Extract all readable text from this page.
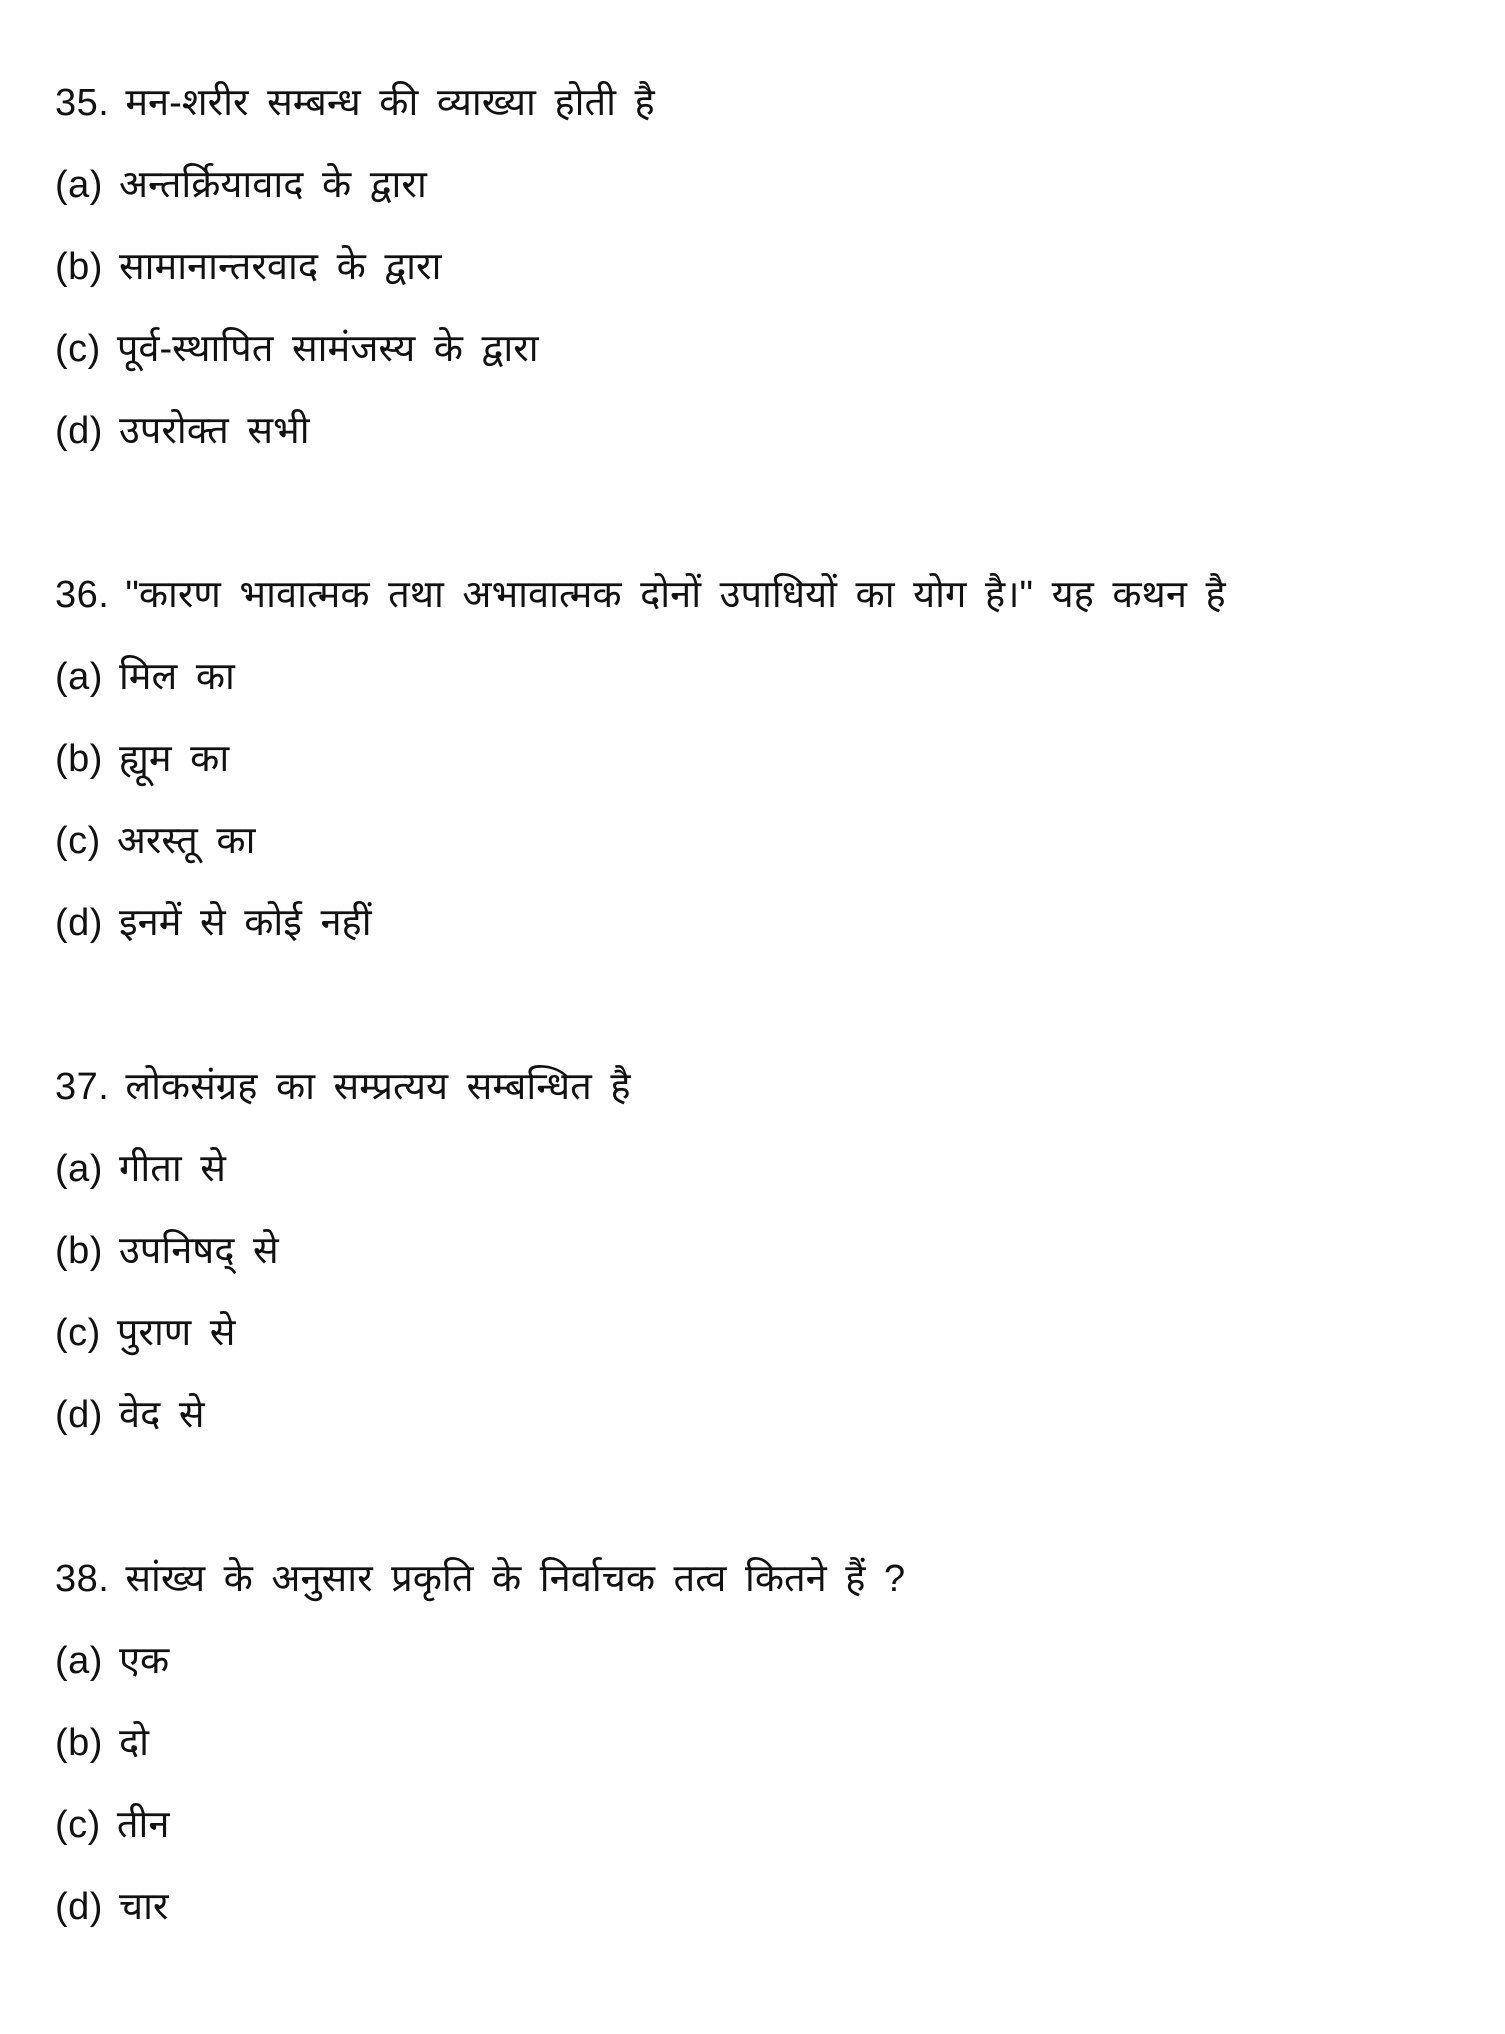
35. मन-शरीर सम्बन्ध की व्याख्या होती है
(a) अन्तर्क्रियावाद के द्वारा
(b) सामानान्तरवाद के द्वारा
(c) पूर्व-स्थापित सामंजस्य के द्वारा
(d) उपरोक्त सभी
36. "कारण भावात्मक तथा अभावात्मक दोनों उपाधियों का योग है।" यह कथन है
(a) मिल का
(b) ह्यूम का
(c) अरस्तू का
(d) इनमें से कोई नहीं
37. लोकसंग्रह का सम्प्रत्यय सम्बन्धित है
(a) गीता से
(b) उपनिषद् से
(c) पुराण से
(d) वेद से
38. सांख्य के अनुसार प्रकृति के निर्वाचक तत्व कितने हैं ?
(a) एक
(b) दो
(c) तीन
(d) चार
